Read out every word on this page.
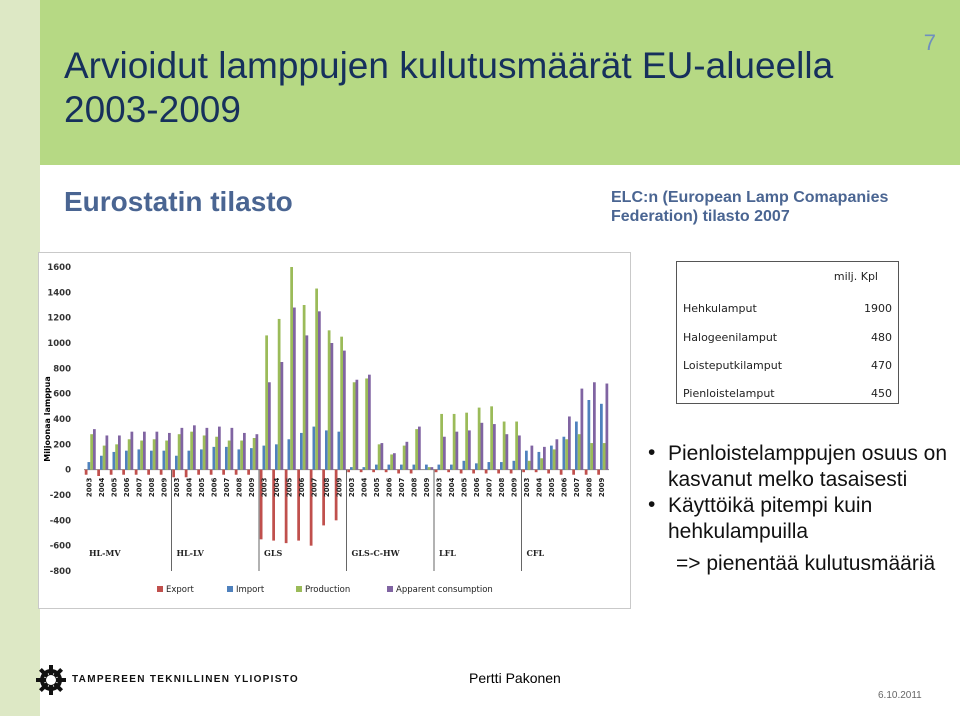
Arvioidut lamppujen kulutusmäärät EU-alueella
2003-2009
7
Eurostatin tilasto	ELC:n (European Lamp Comapanies Federation) tilasto 2007
1600
1400
1200
1000
800
600
400
200
0
-200
-400
-600
-800
Miljoonaa lamppua
2003 2004 2005 2006 2007 2008 2009
HL-MV
2003 2004 2005 2006 2007 2008 2009
HL-LV
2003 2004 2005 2006 2007 2008 2009
GLS
2003 2004 2005 2006 2007 2008 2009
GLS-C-HW
2003 2004 2005 2006 2007 2008 2009
LFL
2003 2004 2005 2006 2007 2008 2009
CFL
Export	Import	Production	Apparent consumption
milj. Kpl
Hehkulamput	1900
Halogeenilamput	480
Loisteputkilamput	470
Pienloistelamput	450
• Pienloistelamppujen osuus on kasvanut melko tasaisesti
• Käyttöikä pitempi kuin hehkulampuilla
=> pienentää kulutusmääriä
TAMPEREEN TEKNILLINEN YLIOPISTO	Pertti Pakonen
6.10.2011
